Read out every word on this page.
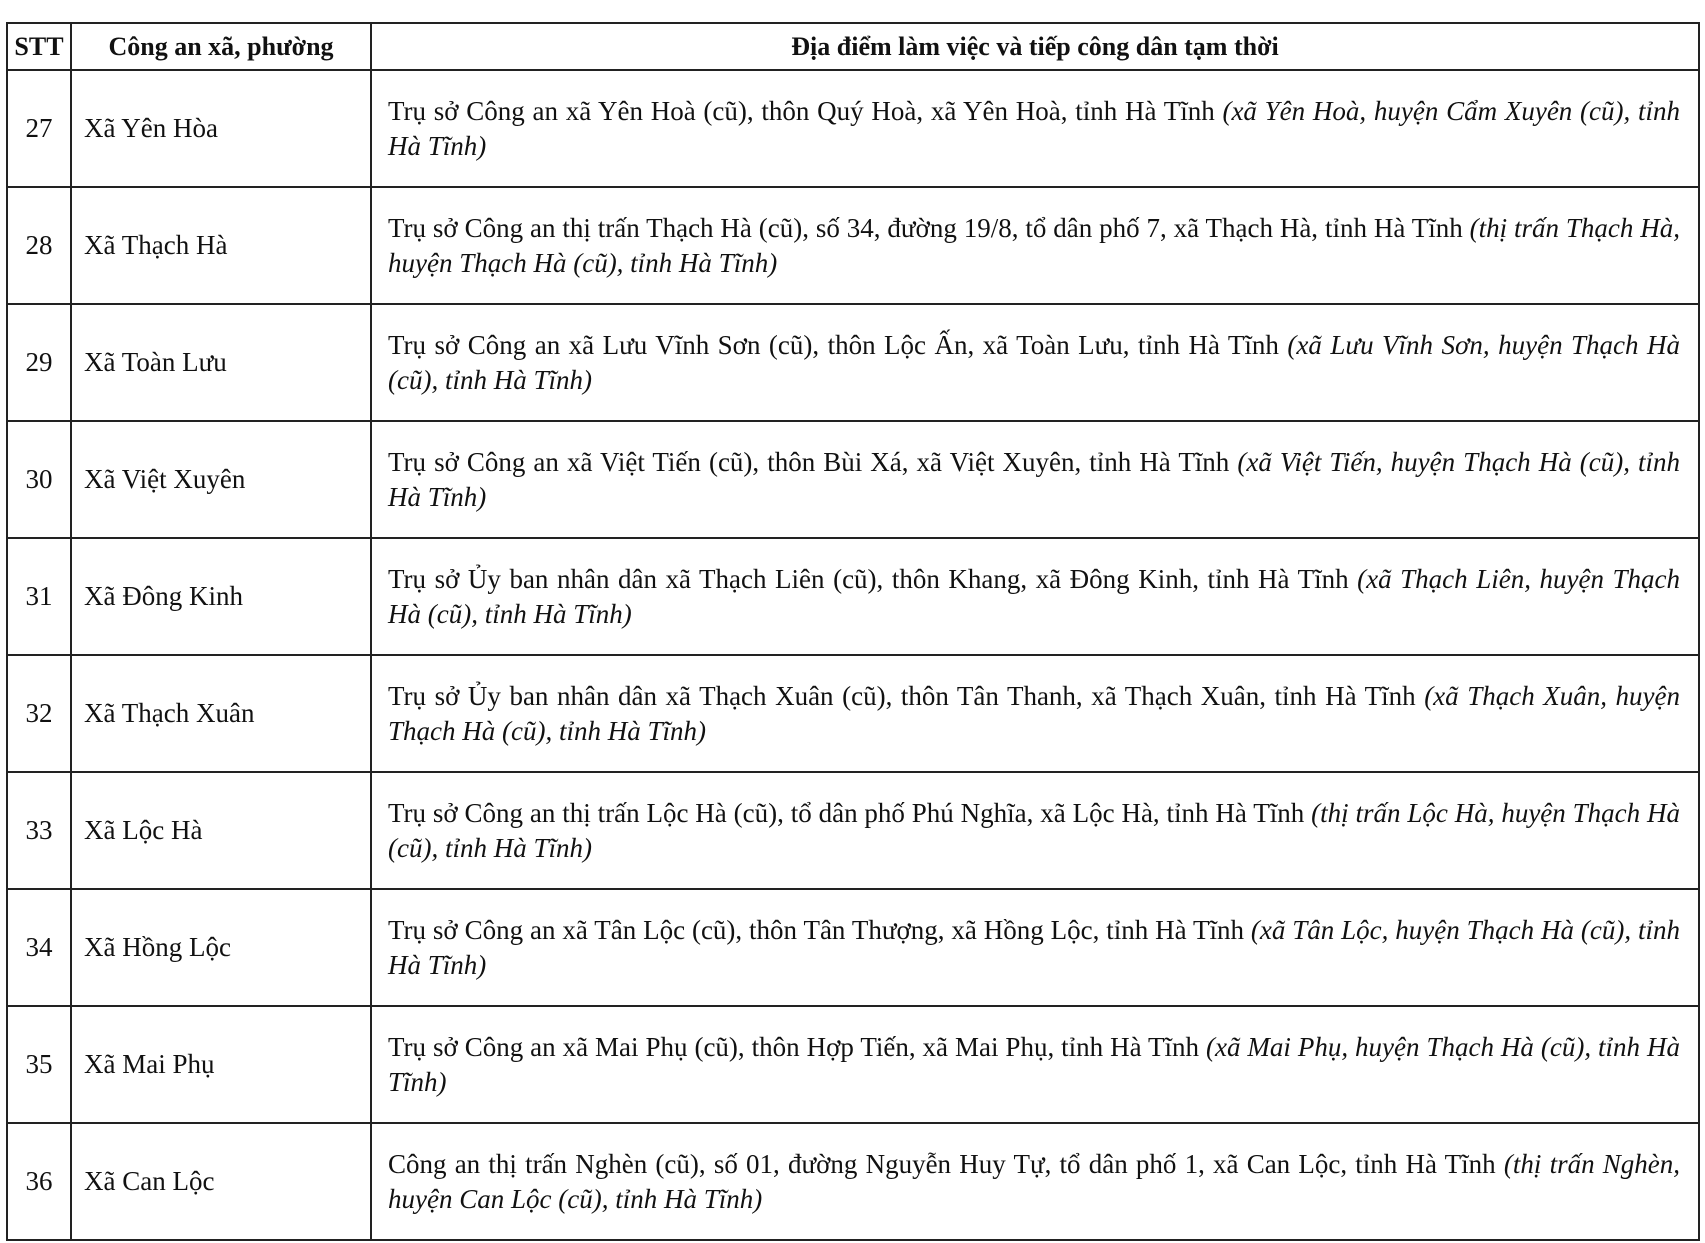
STT	Công an xã, phường	Địa điểm làm việc và tiếp công dân tạm thời
27	Xã Yên Hòa	Trụ sở Công an xã Yên Hoà (cũ), thôn Quý Hoà, xã Yên Hoà, tỉnh Hà Tĩnh (xã Yên Hoà, huyện Cẩm Xuyên (cũ), tỉnh Hà Tĩnh)
28	Xã Thạch Hà	Trụ sở Công an thị trấn Thạch Hà (cũ), số 34, đường 19/8, tổ dân phố 7, xã Thạch Hà, tỉnh Hà Tĩnh (thị trấn Thạch Hà, huyện Thạch Hà (cũ), tỉnh Hà Tĩnh)
29	Xã Toàn Lưu	Trụ sở Công an xã Lưu Vĩnh Sơn (cũ), thôn Lộc Ấn, xã Toàn Lưu, tỉnh Hà Tĩnh (xã Lưu Vĩnh Sơn, huyện Thạch Hà (cũ), tỉnh Hà Tĩnh)
30	Xã Việt Xuyên	Trụ sở Công an xã Việt Tiến (cũ), thôn Bùi Xá, xã Việt Xuyên, tỉnh Hà Tĩnh (xã Việt Tiến, huyện Thạch Hà (cũ), tỉnh Hà Tĩnh)
31	Xã Đông Kinh	Trụ sở Ủy ban nhân dân xã Thạch Liên (cũ), thôn Khang, xã Đông Kinh, tỉnh Hà Tĩnh (xã Thạch Liên, huyện Thạch Hà (cũ), tỉnh Hà Tĩnh)
32	Xã Thạch Xuân	Trụ sở Ủy ban nhân dân xã Thạch Xuân (cũ), thôn Tân Thanh, xã Thạch Xuân, tỉnh Hà Tĩnh (xã Thạch Xuân, huyện Thạch Hà (cũ), tỉnh Hà Tĩnh)
33	Xã Lộc Hà	Trụ sở Công an thị trấn Lộc Hà (cũ), tổ dân phố Phú Nghĩa, xã Lộc Hà, tỉnh Hà Tĩnh (thị trấn Lộc Hà, huyện Thạch Hà (cũ), tỉnh Hà Tĩnh)
34	Xã Hồng Lộc	Trụ sở Công an xã Tân Lộc (cũ), thôn Tân Thượng, xã Hồng Lộc, tỉnh Hà Tĩnh (xã Tân Lộc, huyện Thạch Hà (cũ), tỉnh Hà Tĩnh)
35	Xã Mai Phụ	Trụ sở Công an xã Mai Phụ (cũ), thôn Hợp Tiến, xã Mai Phụ, tỉnh Hà Tĩnh (xã Mai Phụ, huyện Thạch Hà (cũ), tỉnh Hà Tĩnh)
36	Xã Can Lộc	Công an thị trấn Nghèn (cũ), số 01, đường Nguyễn Huy Tự, tổ dân phố 1, xã Can Lộc, tỉnh Hà Tĩnh (thị trấn Nghèn, huyện Can Lộc (cũ), tỉnh Hà Tĩnh)
